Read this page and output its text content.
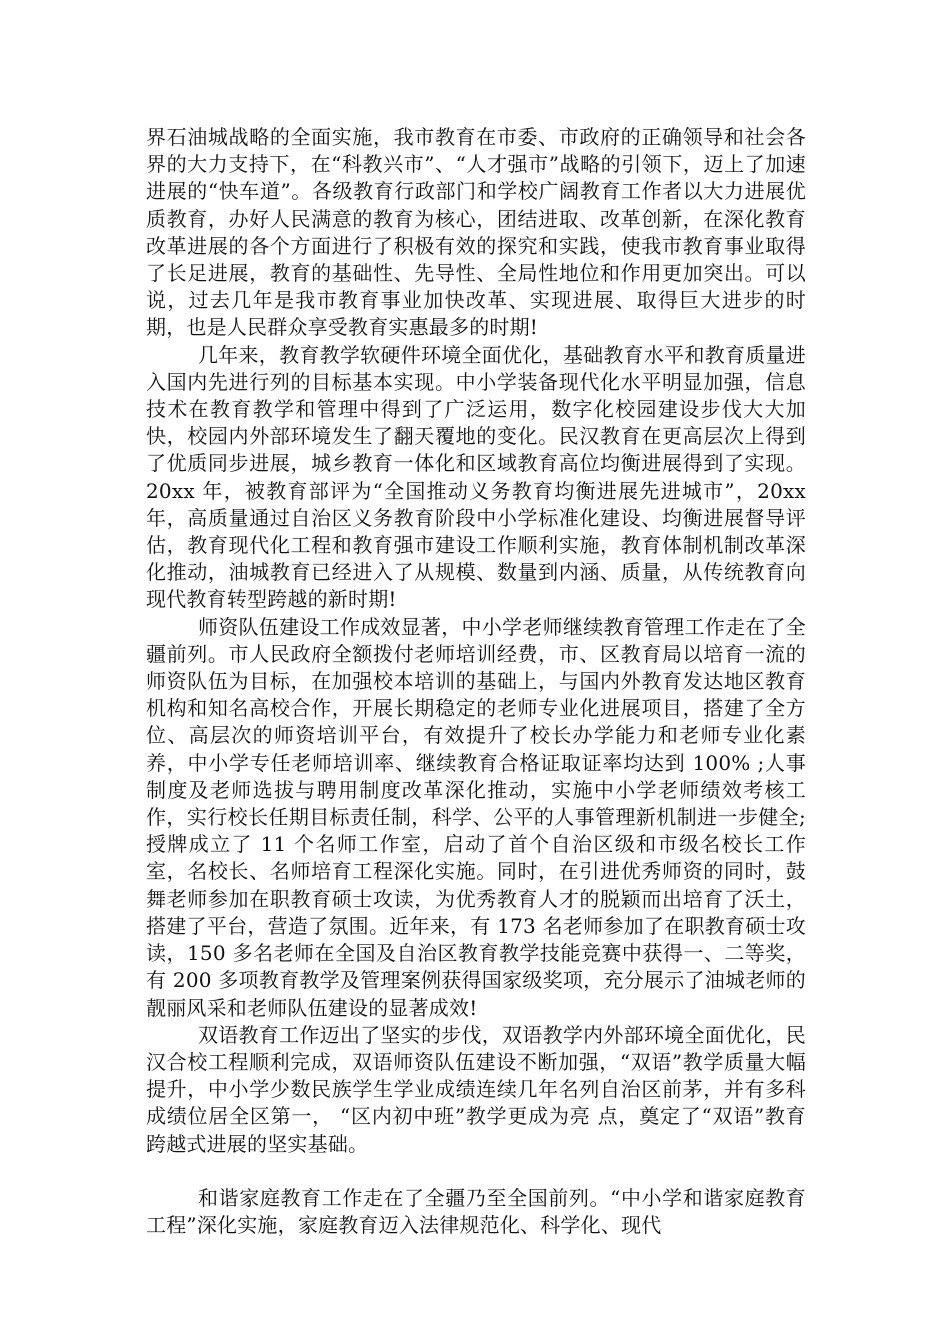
界石油城战略的全面实施，我市教育在市委、市政府的正确领导和社会各界的大力支持下，在“科教兴市”、“人才强市”战略的引领下，迈上了加速进展的“快车道”。各级教育行政部门和学校广阔教育工作者以大力进展优质教育，办好人民满意的教育为核心，团结进取、改革创新，在深化教育改革进展的各个方面进行了积极有效的探究和实践，使我市教育事业取得了长足进展，教育的基础性、先导性、全局性地位和作用更加突出。可以说，过去几年是我市教育事业加快改革、实现进展、取得巨大进步的时期，也是人民群众享受教育实惠最多的时期!

几年来，教育教学软硬件环境全面优化，基础教育水平和教育质量进入国内先进行列的目标基本实现。中小学装备现代化水平明显加强，信息技术在教育教学和管理中得到了广泛运用，数字化校园建设步伐大大加快，校园内外部环境发生了翻天覆地的变化。民汉教育在更高层次上得到了优质同步进展，城乡教育一体化和区域教育高位均衡进展得到了实现。20xx 年，被教育部评为“全国推动义务教育均衡进展先进城市”，20xx 年，高质量通过自治区义务教育阶段中小学标准化建设、均衡进展督导评估，教育现代化工程和教育强市建设工作顺利实施，教育体制机制改革深化推动，油城教育已经进入了从规模、数量到内涵、质量，从传统教育向现代教育转型跨越的新时期!

师资队伍建设工作成效显著，中小学老师继续教育管理工作走在了全疆前列。市人民政府全额拨付老师培训经费，市、区教育局以培育一流的师资队伍为目标，在加强校本培训的基础上，与国内外教育发达地区教育机构和知名高校合作，开展长期稳定的老师专业化进展项目，搭建了全方位、高层次的师资培训平台，有效提升了校长办学能力和老师专业化素养，中小学专任老师培训率、继续教育合格证取证率均达到 100% ;人事制度及老师选拔与聘用制度改革深化推动，实施中小学老师绩效考核工作，实行校长任期目标责任制，科学、公平的人事管理新机制进一步健全;授牌成立了 11 个名师工作室，启动了首个自治区级和市级名校长工作室，名校长、名师培育工程深化实施。同时，在引进优秀师资的同时，鼓舞老师参加在职教育硕士攻读，为优秀教育人才的脱颖而出培育了沃土，搭建了平台，营造了氛围。近年来，有 173 名老师参加了在职教育硕士攻读，150 多名老师在全国及自治区教育教学技能竞赛中获得一、二等奖，有 200 多项教育教学及管理案例获得国家级奖项，充分展示了油城老师的靓丽风采和老师队伍建设的显著成效!

双语教育工作迈出了坚实的步伐，双语教学内外部环境全面优化，民汉合校工程顺利完成，双语师资队伍建设不断加强，“双语”教学质量大幅提升，中小学少数民族学生学业成绩连续几年名列自治区前茅，并有多科成绩位居全区第一， “区内初中班”教学更成为亮 点，奠定了“双语”教育跨越式进展的坚实基础。

和谐家庭教育工作走在了全疆乃至全国前列。“中小学和谐家庭教育工程”深化实施，家庭教育迈入法律规范化、科学化、现代
